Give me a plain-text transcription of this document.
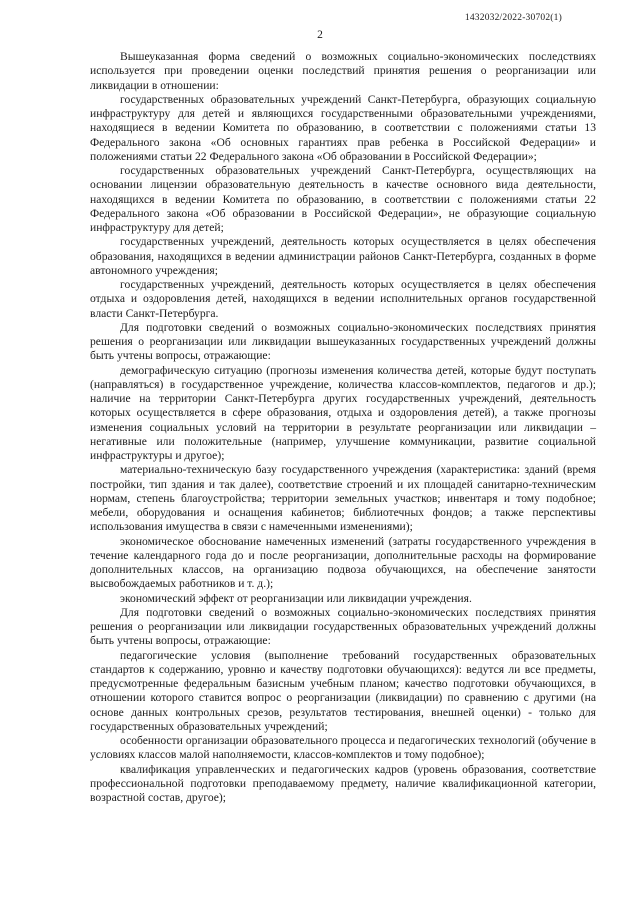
1432032/2022-30702(1)
2

Вышеуказанная форма сведений о возможных социально-экономических последствиях используется при проведении оценки последствий принятия решения о реорганизации или ликвидации в отношении:

государственных образовательных учреждений Санкт-Петербурга, образующих социальную инфраструктуру для детей и являющихся государственными образовательными учреждениями, находящиеся в ведении Комитета по образованию, в соответствии с положениями статьи 13 Федерального закона «Об основных гарантиях прав ребенка в Российской Федерации» и положениями статьи 22 Федерального закона «Об образовании в Российской Федерации»;

государственных образовательных учреждений Санкт-Петербурга, осуществляющих на основании лицензии образовательную деятельность в качестве основного вида деятельности, находящихся в ведении Комитета по образованию, в соответствии с положениями статьи 22 Федерального закона «Об образовании в Российской Федерации», не образующие социальную инфраструктуру для детей;

государственных учреждений, деятельность которых осуществляется в целях обеспечения образования, находящихся в ведении администрации районов Санкт-Петербурга, созданных в форме автономного учреждения;

государственных учреждений, деятельность которых осуществляется в целях обеспечения отдыха и оздоровления детей, находящихся в ведении исполнительных органов государственной власти Санкт-Петербурга.

Для подготовки сведений о возможных социально-экономических последствиях принятия решения о реорганизации или ликвидации вышеуказанных государственных учреждений должны быть учтены вопросы, отражающие:

демографическую ситуацию (прогнозы изменения количества детей, которые будут поступать (направляться) в государственное учреждение, количества классов-комплектов, педагогов и др.); наличие на территории Санкт-Петербурга других государственных учреждений, деятельность которых осуществляется в сфере образования, отдыха и оздоровления детей), а также прогнозы изменения социальных условий на территории в результате реорганизации или ликвидации – негативные или положительные (например, улучшение коммуникации, развитие социальной инфраструктуры и другое);

материально-техническую базу государственного учреждения (характеристика: зданий (время постройки, тип здания и так далее), соответствие строений и их площадей санитарно-техническим нормам, степень благоустройства; территории земельных участков; инвентаря и тому подобное; мебели, оборудования и оснащения кабинетов; библиотечных фондов; а также перспективы использования имущества в связи с намеченными изменениями);

экономическое обоснование намеченных изменений (затраты государственного учреждения в течение календарного года до и после реорганизации, дополнительные расходы на формирование дополнительных классов, на организацию подвоза обучающихся, на обеспечение занятости высвобождаемых работников и т. д.);

экономический эффект от реорганизации или ликвидации учреждения.

Для подготовки сведений о возможных социально-экономических последствиях принятия решения о реорганизации или ликвидации государственных образовательных учреждений должны быть учтены вопросы, отражающие:

педагогические условия (выполнение требований государственных образовательных стандартов к содержанию, уровню и качеству подготовки обучающихся): ведутся ли все предметы, предусмотренные федеральным базисным учебным планом; качество подготовки обучающихся, в отношении которого ставится вопрос о реорганизации (ликвидации) по сравнению с другими (на основе данных контрольных срезов, результатов тестирования, внешней оценки) - только для государственных образовательных учреждений;

особенности организации образовательного процесса и педагогических технологий (обучение в условиях классов малой наполняемости, классов-комплектов и тому подобное);

квалификация управленческих и педагогических кадров (уровень образования, соответствие профессиональной подготовки преподаваемому предмету, наличие квалификационной категории, возрастной состав, другое);
